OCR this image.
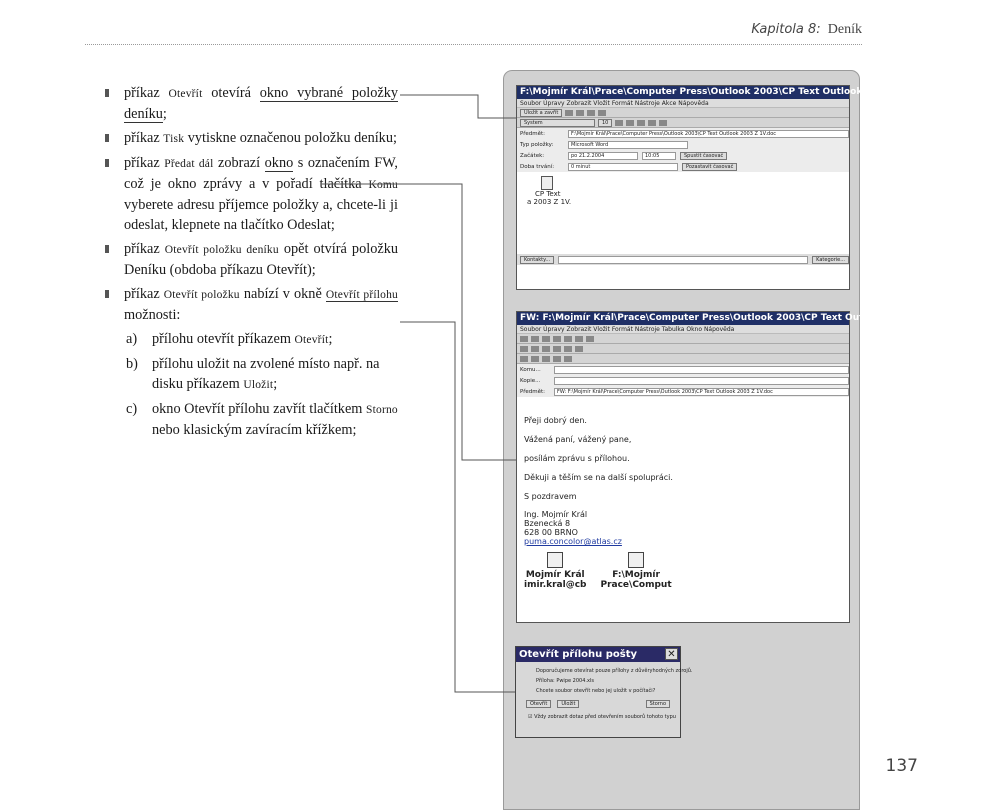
Kapitola 8: Deník
příkaz Otevřít otevírá okno vybrané položky deníku;
příkaz Tisk vytiskne označenou položku deníku;
příkaz Předat dál zobrazí okno s označením FW, což je okno zprávy a v pořadí tlačítka Komu vyberete adresu příjemce položky a, chcete-li ji odeslat, klepnete na tlačítko Odeslat;
příkaz Otevřít položku deníku opět otvírá položku Deníku (obdoba příkazu Otevřít);
příkaz Otevřít položku nabízí v okně Otevřít přílohu možnosti:
a) přílohu otevřít příkazem Otevřít;
b) přílohu uložit na zvolené místo např. na disku příkazem Uložit;
c) okno Otevřít přílohu zavřít tlačítkem Storno nebo klasickým zavíracím křížkem;
F:\Mojmír Král\Prace\Computer Press\Outlook 2003\CP Text Outlook
Soubor Úpravy Zobrazit Vložit Formát Nástroje Akce Nápověda
Uložit a zavřít
System	10
Předmět:	F:\Mojmír Král\Prace\Computer Press\Outlook 2003\CP Text Outlook 2003 Z 1V.doc
Typ položky:	Microsoft Word
Začátek:	po 21.2.2004	10:05	Spustit časovač
Doba trvání:	0 minut	Pozastavit časovač
CP Text
a 2003 Z 1V.
Kontakty...	Kategorie...
FW: F:\Mojmír Král\Prace\Computer Press\Outlook 2003\CP Text Outlook 2003 Z 1V.doc - zpráva
Soubor Úpravy Zobrazit Vložit Formát Nástroje Tabulka Okno Nápověda
Komu...
Kopie...
Předmět:	FW: F:\Mojmír Král\Prace\Computer Press\Outlook 2003\CP Text Outlook 2003 Z 1V.doc
Přeji dobrý den.
Vážená paní, vážený pane,
posílám zprávu s přílohou.
Děkuji a těším se na další spolupráci.
S pozdravem
Ing. Mojmír Král
Bzenecká 8
628 00 BRNO
puma.concolor@atlas.cz
Mojmír Král
imir.kral@cb
F:\Mojmír
Prace\Comput
Otevřít přílohu pošty	✕
Doporučujeme otevírat pouze přílohy z důvěryhodných zdrojů.
Příloha: Pwipe 2004.xls
Chcete soubor otevřít nebo jej uložit v počítači?
Otevřít	Uložit	Storno
☑ Vždy zobrazit dotaz před otevřením souborů tohoto typu
137
